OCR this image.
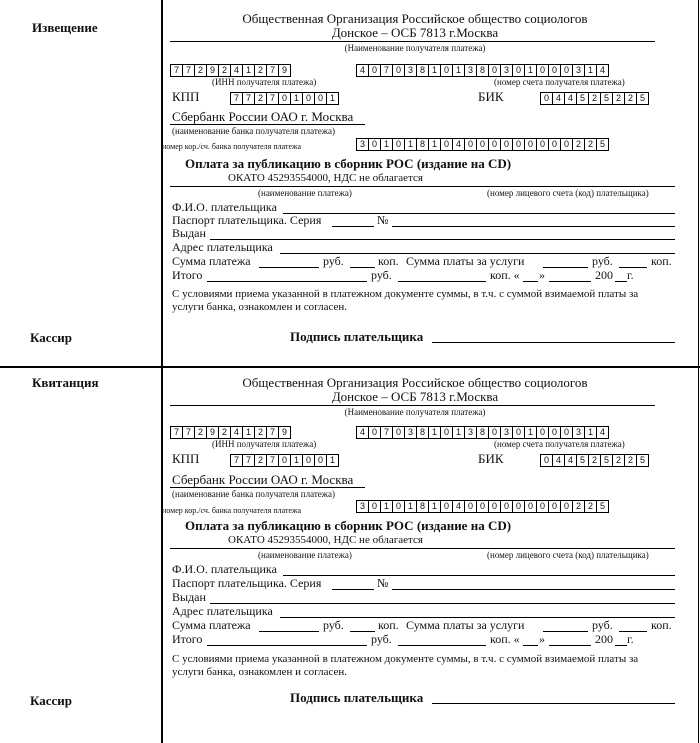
Извещение
Общественная Организация Российское общество социологов
Донское – ОСБ 7813 г.Москва
(Наименование получателя платежа)
7 7 2 9 2 4 1 2 7 9	4 0 7 0 3 8 1 0 1 3 8 0 3 0 1 0 0 0 3 1 4
(ИНН получателя платежа)	(номер счета получателя платежа)
КПП	7 7 2 7 0 1 0 0 1	БИК	0 4 4 5 2 5 2 2 5
Сбербанк России ОАО г. Москва
(наименование банка получателя платежа)
номер кор./сч. банка получателя платежа	3 0 1 0 1 8 1 0 4 0 0 0 0 0 0 0 0 0 2 2 5
Оплата за публикацию в сборник РОС (издание на CD)
ОКАТО 45293554000, НДС не облагается
(наименование платежа)	(номер лицевого счета (код) плательщика)
Ф.И.О. плательщика
Паспорт плательщика. Серия	№
Выдан
Адрес плательщика
Сумма платежа	руб.	коп. Сумма платы за услуги	руб.	коп.
Итого	руб.	коп. « »	200 г.
С условиями приема указанной в платежном документе суммы, в т.ч. с суммой взимаемой платы за
услуги банка, ознакомлен и согласен.
Кассир	Подпись плательщика
Квитанция	Общественная Организация Российское общество социологов
Донское – ОСБ 7813 г.Москва
(Наименование получателя платежа)
7 7 2 9 2 4 1 2 7 9	4 0 7 0 3 8 1 0 1 3 8 0 3 0 1 0 0 0 3 1 4
(ИНН получателя платежа)	(номер счета получателя платежа)
КПП	7 7 2 7 0 1 0 0 1	БИК	0 4 4 5 2 5 2 2 5
Сбербанк России ОАО г. Москва
(наименование банка получателя платежа)
номер кор./сч. банка получателя платежа	3 0 1 0 1 8 1 0 4 0 0 0 0 0 0 0 0 0 2 2 5
Оплата за публикацию в сборник РОС (издание на CD)
ОКАТО 45293554000, НДС не облагается
(наименование платежа)	(номер лицевого счета (код) плательщика)
Ф.И.О. плательщика
Паспорт плательщика. Серия	№
Выдан
Адрес плательщика
Сумма платежа	руб.	коп. Сумма платы за услуги	руб.	коп.
Итого	руб.	коп. « »	200 г.
С условиями приема указанной в платежном документе суммы, в т.ч. с суммой взимаемой платы за
услуги банка, ознакомлен и согласен.
Кассир	Подпись плательщика
